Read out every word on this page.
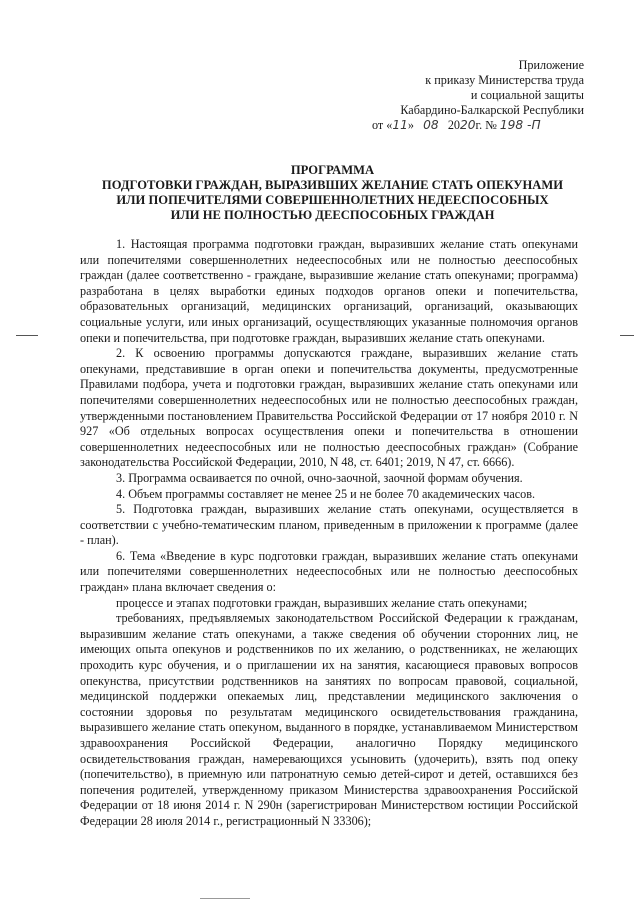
Приложение
к приказу Министерства труда
и социальной защиты
Кабардино-Балкарской Республики
от «11»   08   2020г. № 198 -П
ПРОГРАММА
ПОДГОТОВКИ ГРАЖДАН, ВЫРАЗИВШИХ ЖЕЛАНИЕ СТАТЬ ОПЕКУНАМИ
ИЛИ ПОПЕЧИТЕЛЯМИ СОВЕРШЕННОЛЕТНИХ НЕДЕЕСПОСОБНЫХ
ИЛИ НЕ ПОЛНОСТЬЮ ДЕЕСПОСОБНЫХ ГРАЖДАН

1. Настоящая программа подготовки граждан, выразивших желание стать опекунами или попечителями совершеннолетних недееспособных или не полностью дееспособных граждан (далее соответственно - граждане, выразившие желание стать опекунами; программа) разработана в целях выработки единых подходов органов опеки и попечительства, образовательных организаций, медицинских организаций, организаций, оказывающих социальные услуги, или иных организаций, осуществляющих указанные полномочия органов опеки и попечительства, при подготовке граждан, выразивших желание стать опекунами.

2. К освоению программы допускаются граждане, выразивших желание стать опекунами, представившие в орган опеки и попечительства документы, предусмотренные Правилами подбора, учета и подготовки граждан, выразивших желание стать опекунами или попечителями совершеннолетних недееспособных или не полностью дееспособных граждан, утвержденными постановлением Правительства Российской Федерации от 17 ноября 2010 г. N 927 «Об отдельных вопросах осуществления опеки и попечительства в отношении совершеннолетних недееспособных или не полностью дееспособных граждан» (Собрание законодательства Российской Федерации, 2010, N 48, ст. 6401; 2019, N 47, ст. 6666).

3. Программа осваивается по очной, очно-заочной, заочной формам обучения.

4. Объем программы составляет не менее 25 и не более 70 академических часов.

5. Подготовка граждан, выразивших желание стать опекунами, осуществляется в соответствии с учебно-тематическим планом, приведенным в приложении к программе (далее - план).

6. Тема «Введение в курс подготовки граждан, выразивших желание стать опекунами или попечителями совершеннолетних недееспособных или не полностью дееспособных граждан» плана включает сведения о:

процессе и этапах подготовки граждан, выразивших желание стать опекунами;

требованиях, предъявляемых законодательством Российской Федерации к гражданам, выразившим желание стать опекунами, а также сведения об обучении сторонних лиц, не имеющих опыта опекунов и родственников по их желанию, о родственниках, не желающих проходить курс обучения, и о приглашении их на занятия, касающиеся правовых вопросов опекунства, присутствии родственников на занятиях по вопросам правовой, социальной, медицинской поддержки опекаемых лиц, представлении медицинского заключения о состоянии здоровья по результатам медицинского освидетельствования гражданина, выразившего желание стать опекуном, выданного в порядке, устанавливаемом Министерством здравоохранения Российской Федерации, аналогично Порядку медицинского освидетельствования граждан, намеревающихся усыновить (удочерить), взять под опеку (попечительство), в приемную или патронатную семью детей-сирот и детей, оставшихся без попечения родителей, утвержденному приказом Министерства здравоохранения Российской Федерации от 18 июня 2014 г. N 290н (зарегистрирован Министерством юстиции Российской Федерации 28 июля 2014 г., регистрационный N 33306);
